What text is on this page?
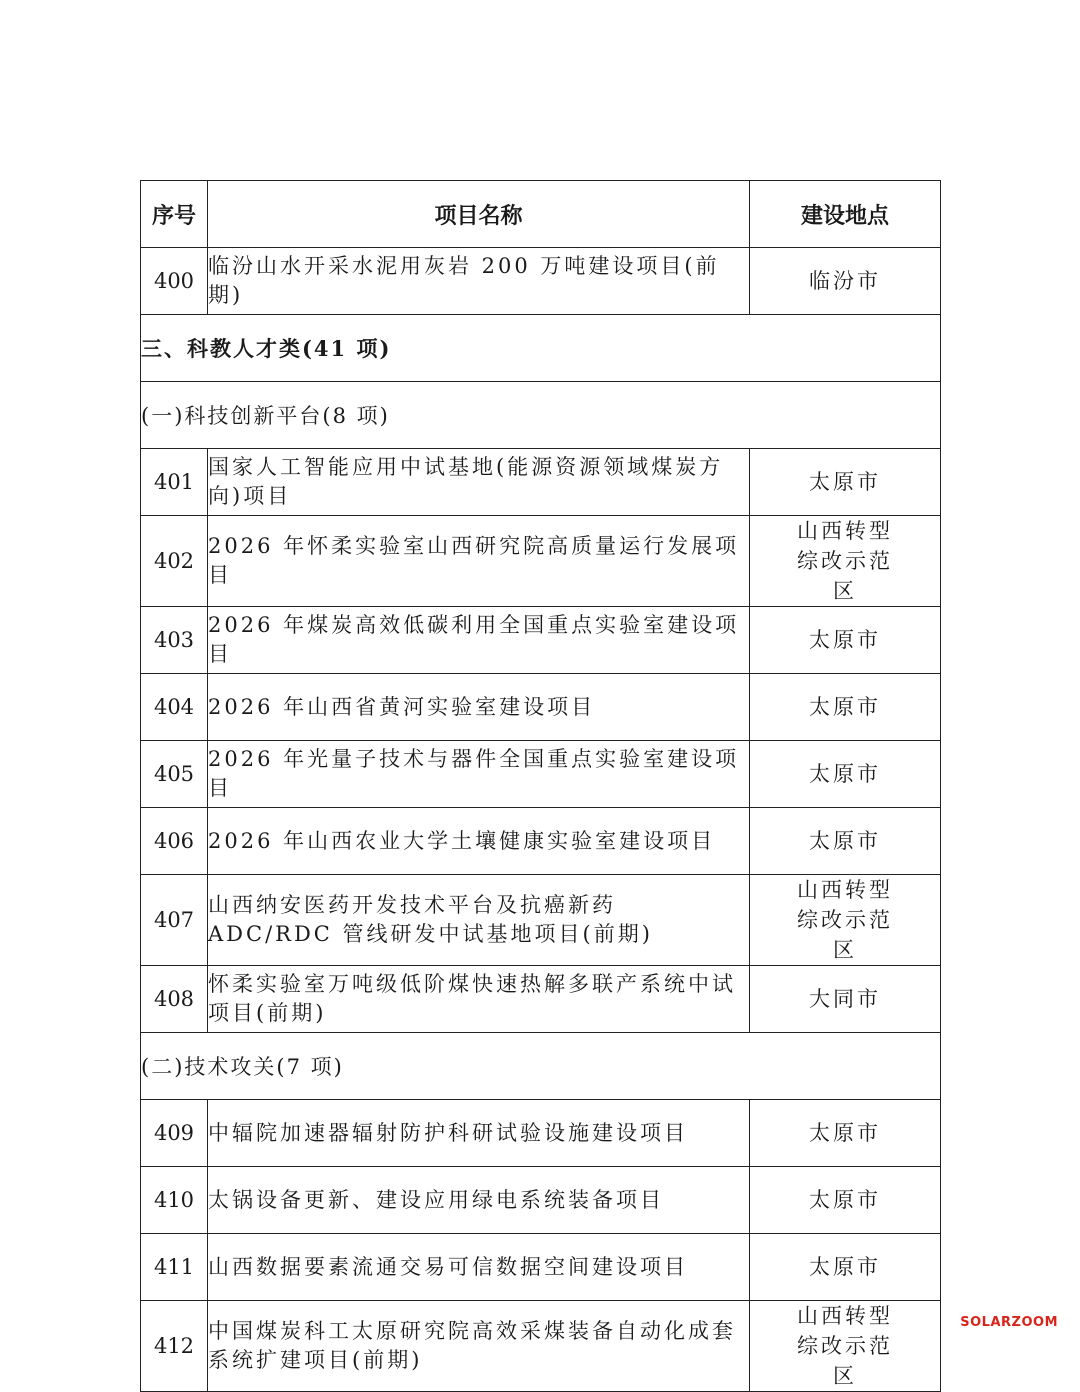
序号	项目名称	建设地点
400	临汾山水开采水泥用灰岩 200 万吨建设项目(前期)	临汾市
三、科教人才类(41 项)		
(一)科技创新平台(8 项)		
401	国家人工智能应用中试基地(能源资源领域煤炭方向)项目	太原市
402	2026 年怀柔实验室山西研究院高质量运行发展项目	山西转型综改示范区
403	2026 年煤炭高效低碳利用全国重点实验室建设项目	太原市
404	2026 年山西省黄河实验室建设项目	太原市
405	2026 年光量子技术与器件全国重点实验室建设项目	太原市
406	2026 年山西农业大学土壤健康实验室建设项目	太原市
407	山西纳安医药开发技术平台及抗癌新药 ADC/RDC 管线研发中试基地项目(前期)	山西转型综改示范区
408	怀柔实验室万吨级低阶煤快速热解多联产系统中试项目(前期)	大同市
(二)技术攻关(7 项)		
409	中辐院加速器辐射防护科研试验设施建设项目	太原市
410	太锅设备更新、建设应用绿电系统装备项目	太原市
411	山西数据要素流通交易可信数据空间建设项目	太原市
412	中国煤炭科工太原研究院高效采煤装备自动化成套系统扩建项目(前期)	山西转型综改示范区
SOLARZOOM
